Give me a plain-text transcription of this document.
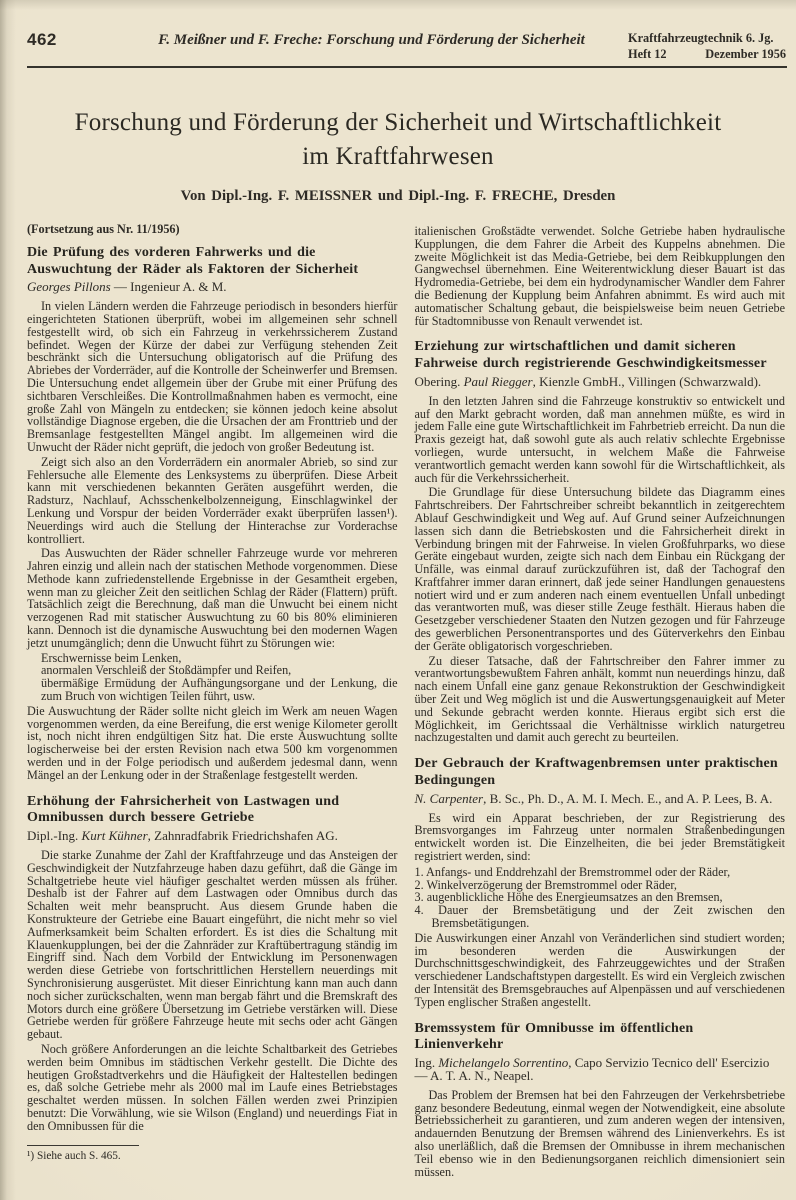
462	F. Meißner und F. Freche: Forschung und Förderung der Sicherheit	Kraftfahrzeugtechnik 6. Jg.
Heft 12	Dezember 1956
Forschung und Förderung der Sicherheit und Wirtschaftlichkeit
im Kraftfahrwesen
Von Dipl.-Ing. F. MEISSNER und Dipl.-Ing. F. FRECHE, Dresden
(Fortsetzung aus Nr. 11/1956)
Die Prüfung des vorderen Fahrwerks und die Auswuchtung der Räder als Faktoren der Sicherheit
Georges Pillons — Ingenieur A. & M.

In vielen Ländern werden die Fahrzeuge periodisch in besonders hierfür eingerichteten Stationen überprüft, wobei im allgemeinen sehr schnell festgestellt wird, ob sich ein Fahrzeug in verkehrssicherem Zustand befindet. Wegen der Kürze der dabei zur Verfügung stehenden Zeit beschränkt sich die Untersuchung obligatorisch auf die Prüfung des Abriebes der Vorderräder, auf die Kontrolle der Scheinwerfer und Bremsen. Die Untersuchung endet allgemein über der Grube mit einer Prüfung des sichtbaren Verschleißes. Die Kontrollmaßnahmen haben es vermocht, eine große Zahl von Mängeln zu entdecken; sie können jedoch keine absolut vollständige Diagnose ergeben, die die Ursachen der am Fronttrieb und der Bremsanlage festgestellten Mängel angibt. Im allgemeinen wird die Unwucht der Räder nicht geprüft, die jedoch von großer Bedeutung ist.

Zeigt sich also an den Vorderrädern ein anormaler Abrieb, so sind zur Fehlersuche alle Elemente des Lenksystems zu überprüfen. Diese Arbeit kann mit verschiedenen bekannten Geräten ausgeführt werden, die Radsturz, Nachlauf, Achsschenkelbolzenneigung, Einschlagwinkel der Lenkung und Vorspur der beiden Vorderräder exakt überprüfen lassen¹). Neuerdings wird auch die Stellung der Hinterachse zur Vorderachse kontrolliert.

Das Auswuchten der Räder schneller Fahrzeuge wurde vor mehreren Jahren einzig und allein nach der statischen Methode vorgenommen. Diese Methode kann zufriedenstellende Ergebnisse in der Gesamtheit ergeben, wenn man zu gleicher Zeit den seitlichen Schlag der Räder (Flattern) prüft. Tatsächlich zeigt die Berechnung, daß man die Unwucht bei einem nicht verzogenen Rad mit statischer Auswuchtung zu 60 bis 80% eliminieren kann. Dennoch ist die dynamische Auswuchtung bei den modernen Wagen jetzt unumgänglich; denn die Unwucht führt zu Störungen wie:

Erschwernisse beim Lenken,
anormalen Verschleiß der Stoßdämpfer und Reifen,
übermäßige Ermüdung der Aufhängungsorgane und der Lenkung, die zum Bruch von wichtigen Teilen führt, usw.

Die Auswuchtung der Räder sollte nicht gleich im Werk am neuen Wagen vorgenommen werden, da eine Bereifung, die erst wenige Kilometer gerollt ist, noch nicht ihren endgültigen Sitz hat. Die erste Auswuchtung sollte logischerweise bei der ersten Revision nach etwa 500 km vorgenommen werden und in der Folge periodisch und außerdem jedesmal dann, wenn Mängel an der Lenkung oder in der Straßenlage festgestellt werden.

Erhöhung der Fahrsicherheit von Lastwagen und Omnibussen durch bessere Getriebe
Dipl.-Ing. Kurt Kühner, Zahnradfabrik Friedrichshafen AG.

Die starke Zunahme der Zahl der Kraftfahrzeuge und das Ansteigen der Geschwindigkeit der Nutzfahrzeuge haben dazu geführt, daß die Gänge im Schaltgetriebe heute viel häufiger geschaltet werden müssen als früher. Deshalb ist der Fahrer auf dem Lastwagen oder Omnibus durch das Schalten weit mehr beansprucht. Aus diesem Grunde haben die Konstrukteure der Getriebe eine Bauart eingeführt, die nicht mehr so viel Aufmerksamkeit beim Schalten erfordert. Es ist dies die Schaltung mit Klauenkupplungen, bei der die Zahnräder zur Kraftübertragung ständig im Eingriff sind. Nach dem Vorbild der Entwicklung im Personenwagen werden diese Getriebe von fortschrittlichen Herstellern neuerdings mit Synchronisierung ausgerüstet. Mit dieser Einrichtung kann man auch dann noch sicher zurückschalten, wenn man bergab fährt und die Bremskraft des Motors durch eine größere Übersetzung im Getriebe verstärken will. Diese Getriebe werden für größere Fahrzeuge heute mit sechs oder acht Gängen gebaut.

Noch größere Anforderungen an die leichte Schaltbarkeit des Getriebes werden beim Omnibus im städtischen Verkehr gestellt. Die Dichte des heutigen Großstadtverkehrs und die Häufigkeit der Haltestellen bedingen es, daß solche Getriebe mehr als 2000 mal im Laufe eines Betriebstages geschaltet werden müssen. In solchen Fällen werden zwei Prinzipien benutzt: Die Vorwählung, wie sie Wilson (England) und neuerdings Fiat in den Omnibussen für die

¹) Siehe auch S. 465.

italienischen Großstädte verwendet. Solche Getriebe haben hydraulische Kupplungen, die dem Fahrer die Arbeit des Kuppelns abnehmen. Die zweite Möglichkeit ist das Media-Getriebe, bei dem Reibkupplungen den Gangwechsel übernehmen. Eine Weiterentwicklung dieser Bauart ist das Hydromedia-Getriebe, bei dem ein hydrodynamischer Wandler dem Fahrer die Bedienung der Kupplung beim Anfahren abnimmt. Es wird auch mit automatischer Schaltung gebaut, die beispielsweise beim neuen Getriebe für Stadtomnibusse von Renault verwendet ist.

Erziehung zur wirtschaftlichen und damit sicheren Fahrweise durch registrierende Geschwindigkeitsmesser
Obering. Paul Riegger, Kienzle GmbH., Villingen (Schwarzwald).

In den letzten Jahren sind die Fahrzeuge konstruktiv so entwickelt und auf den Markt gebracht worden, daß man annehmen müßte, es wird in jedem Falle eine gute Wirtschaftlichkeit im Fahrbetrieb erreicht. Da nun die Praxis gezeigt hat, daß sowohl gute als auch relativ schlechte Ergebnisse vorliegen, wurde untersucht, in welchem Maße die Fahrweise verantwortlich gemacht werden kann sowohl für die Wirtschaftlichkeit, als auch für die Verkehrssicherheit.

Die Grundlage für diese Untersuchung bildete das Diagramm eines Fahrtschreibers. Der Fahrtschreiber schreibt bekanntlich in zeitgerechtem Ablauf Geschwindigkeit und Weg auf. Auf Grund seiner Aufzeichnungen lassen sich dann die Betriebskosten und die Fahrsicherheit direkt in Verbindung bringen mit der Fahrweise. In vielen Großfuhrparks, wo diese Geräte eingebaut wurden, zeigte sich nach dem Einbau ein Rückgang der Unfälle, was einmal darauf zurückzuführen ist, daß der Tachograf den Kraftfahrer immer daran erinnert, daß jede seiner Handlungen genauestens notiert wird und er zum anderen nach einem eventuellen Unfall unbedingt das verantworten muß, was dieser stille Zeuge festhält. Hieraus haben die Gesetzgeber verschiedener Staaten den Nutzen gezogen und für Fahrzeuge des gewerblichen Personentransportes und des Güterverkehrs den Einbau der Geräte obligatorisch vorgeschrieben.

Zu dieser Tatsache, daß der Fahrtschreiber den Fahrer immer zu verantwortungsbewußtem Fahren anhält, kommt nun neuerdings hinzu, daß nach einem Unfall eine ganz genaue Rekonstruktion der Geschwindigkeit über Zeit und Weg möglich ist und die Auswertungsgenauigkeit auf Meter und Sekunde gebracht werden konnte. Hieraus ergibt sich erst die Möglichkeit, im Gerichtssaal die Verhältnisse wirklich naturgetreu nachzugestalten und damit auch gerecht zu beurteilen.

Der Gebrauch der Kraftwagenbremsen unter praktischen Bedingungen
N. Carpenter, B. Sc., Ph. D., A. M. I. Mech. E., and A. P. Lees, B. A.

Es wird ein Apparat beschrieben, der zur Registrierung des Bremsvorganges im Fahrzeug unter normalen Straßenbedingungen entwickelt worden ist. Die Einzelheiten, die bei jeder Bremstätigkeit registriert werden, sind:

1. Anfangs- und Enddrehzahl der Bremstrommel oder der Räder,
2. Winkelverzögerung der Bremstrommel oder Räder,
3. augenblickliche Höhe des Energieumsatzes an den Bremsen,
4. Dauer der Bremsbetätigung und der Zeit zwischen den Bremsbetätigungen.

Die Auswirkungen einer Anzahl von Veränderlichen sind studiert worden; im besonderen werden die Auswirkungen der Durchschnittsgeschwindigkeit, des Fahrzeuggewichtes und der Straßen verschiedener Landschaftstypen dargestellt. Es wird ein Vergleich zwischen der Intensität des Bremsgebrauches auf Alpenpässen und auf verschiedenen Typen englischer Straßen angestellt.

Bremssystem für Omnibusse im öffentlichen Linienverkehr
Ing. Michelangelo Sorrentino, Capo Servizio Tecnico dell' Esercizio — A. T. A. N., Neapel.

Das Problem der Bremsen hat bei den Fahrzeugen der Verkehrsbetriebe ganz besondere Bedeutung, einmal wegen der Notwendigkeit, eine absolute Betriebssicherheit zu garantieren, und zum anderen wegen der intensiven, andauernden Benutzung der Bremsen während des Linienverkehrs. Es ist also unerläßlich, daß die Bremsen der Omnibusse in ihrem mechanischen Teil ebenso wie in den Bedienungsorganen reichlich dimensioniert sein müssen.
